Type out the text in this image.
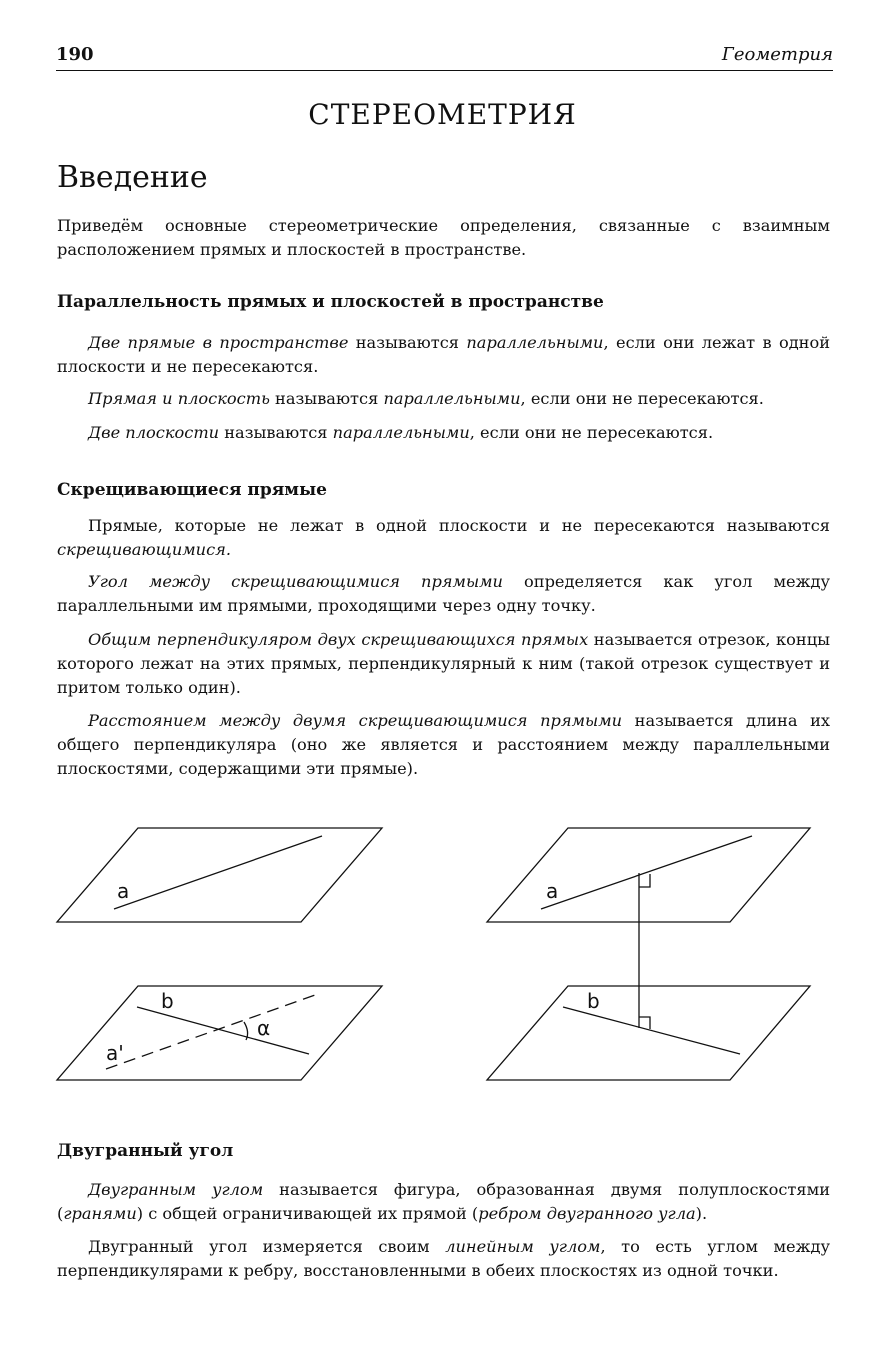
190	Геометрия
СТЕРЕОМЕТРИЯ
Введение
Приведём основные стереометрические определения, связанные с взаимным расположением прямых и плоскостей в пространстве.
Параллельность прямых и плоскостей в пространстве
Две прямые в пространстве называются параллельными, если они лежат в одной плоскости и не пересекаются.
Прямая и плоскость называются параллельными, если они не пересекаются.
Две плоскости называются параллельными, если они не пересекаются.
Скрещивающиеся прямые
Прямые, которые не лежат в одной плоскости и не пересекаются называются скрещивающимися.
Угол между скрещивающимися прямыми определяется как угол между параллельными им прямыми, проходящими через одну точку.
Общим перпендикуляром двух скрещивающихся прямых называется отрезок, концы которого лежат на этих прямых, перпендикулярный к ним (такой отрезок существует и притом только один).
Расстоянием между двумя скрещивающимися прямыми называется длина их общего перпендикуляра (оно же является и расстоянием между параллельными плоскостями, содержащими эти прямые).
a
b
a'
α
a
b
Двугранный угол
Двугранным углом называется фигура, образованная двумя полуплоскостями (гранями) с общей ограничивающей их прямой (ребром двугранного угла).
Двугранный угол измеряется своим линейным углом, то есть углом между перпендикулярами к ребру, восстановленными в обеих плоскостях из одной точки.
